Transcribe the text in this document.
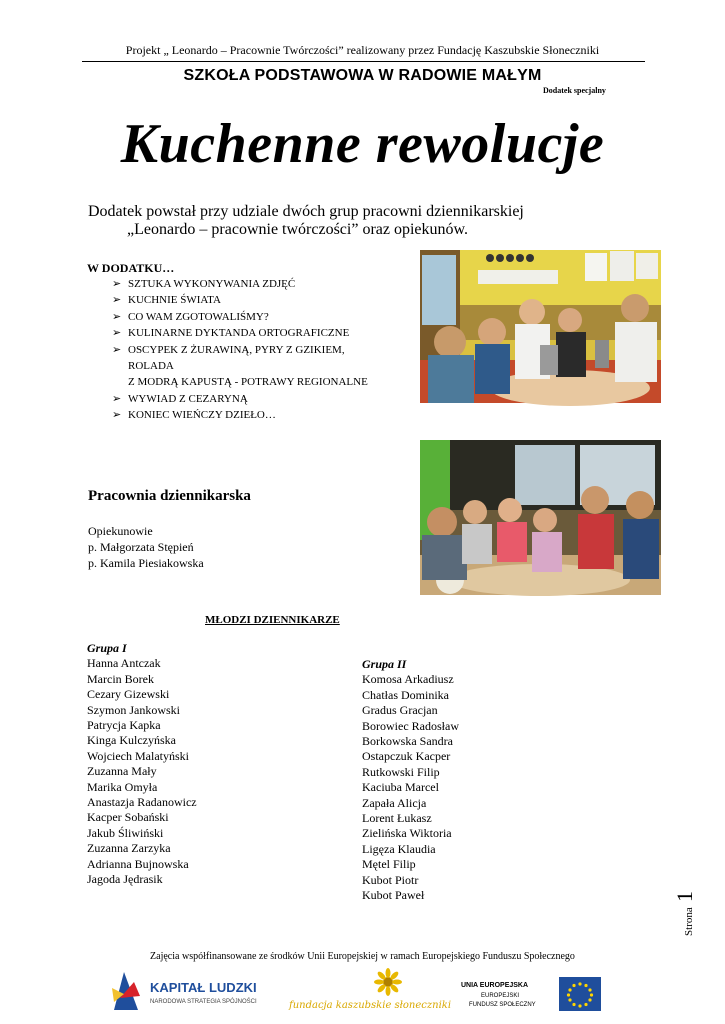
Projekt „ Leonardo – Pracownie Twórczości” realizowany przez Fundację Kaszubskie Słoneczniki
SZKOŁA PODSTAWOWA W RADOWIE MAŁYM
Dodatek specjalny
Kuchenne rewolucje
Dodatek powstał przy udziale dwóch grup pracowni dziennikarskiej
„Leonardo – pracownie twórczości” oraz opiekunów.
W DODATKU…
➢ SZTUKA WYKONYWANIA ZDJĘĆ
➢ KUCHNIE ŚWIATA
➢ CO WAM ZGOTOWALIŚMY?
➢ KULINARNE DYKTANDA ORTOGRAFICZNE
➢ OSCYPEK Z ŻURAWINĄ, PYRY Z GZIKIEM, ROLADA
Z MODRĄ KAPUSTĄ - POTRAWY REGIONALNE
➢ WYWIAD Z CEZARYNĄ
➢ KONIEC WIEŃCZY DZIEŁO…
Pracownia dziennikarska
Opiekunowie
p. Małgorzata Stępień
p. Kamila Piesiakowska
MŁODZI DZIENNIKARZE
Grupa I
Hanna Antczak
Marcin Borek
Cezary Gizewski
Szymon Jankowski
Patrycja Kapka
Kinga Kulczyńska
Wojciech Malatyński
Zuzanna Mały
Marika Omyła
Anastazja Radanowicz
Kacper Sobański
Jakub Śliwiński
Zuzanna Zarzyka
Adrianna Bujnowska
Jagoda Jędrasik
Grupa II
Komosa Arkadiusz
Chatłas Dominika
Gradus Gracjan
Borowiec Radosław
Borkowska Sandra
Ostapczuk Kacper
Rutkowski Filip
Kaciuba Marcel
Zapała Alicja
Lorent Łukasz
Zielińska Wiktoria
Ligęza Klaudia
Mętel Filip
Kubot Piotr
Kubot Paweł
Strona
1
Zajęcia współfinansowane ze środków Unii Europejskiej w ramach Europejskiego Funduszu Społecznego
KAPITAŁ LUDZKI
NARODOWA STRATEGIA SPÓJNOŚCI	fundacja kaszubskie słoneczniki
UNIA EUROPEJSKA
EUROPEJSKI
FUNDUSZ SPOŁECZNY
